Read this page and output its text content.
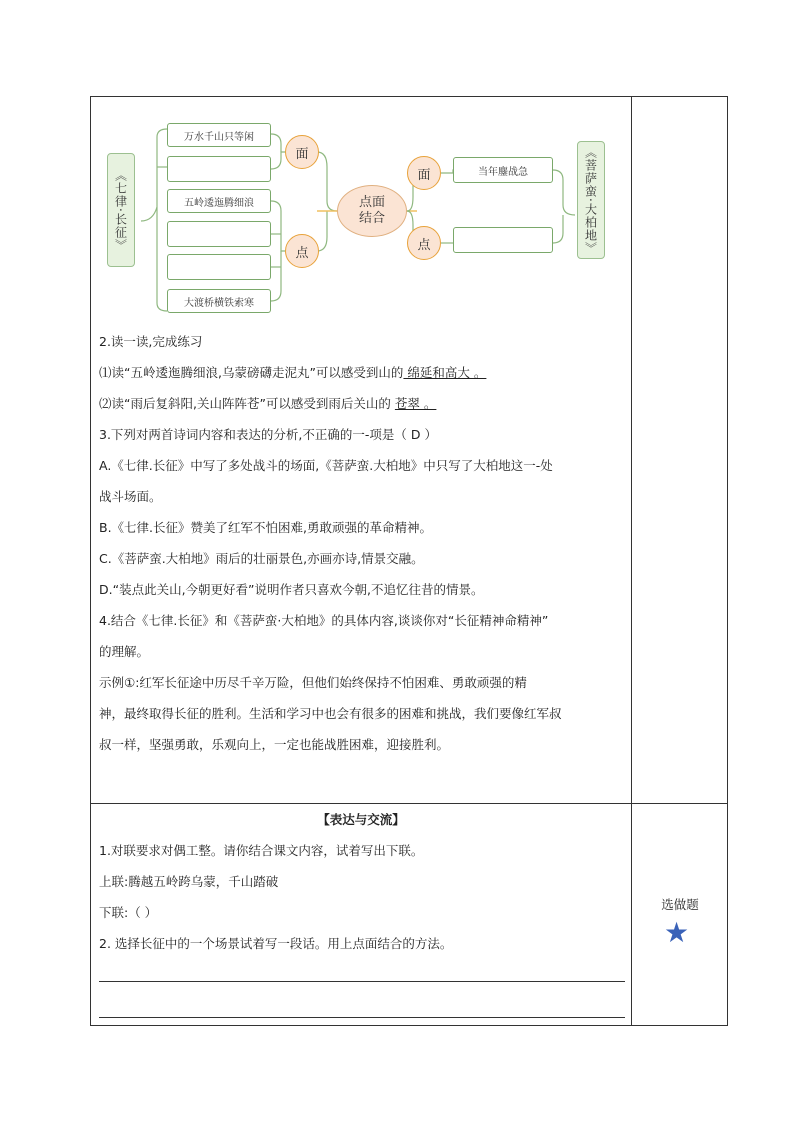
《七律·长征》
万水千山只等闲
五岭逶迤腾细浪
大渡桥横铁索寒
面
点
点面结合
面
点
当年鏖战急	《菩萨蛮·大柏地》
2.读一读,完成练习
⑴读“五岭逶迤腾细浪,乌蒙磅礴走泥丸”可以感受到山的 绵延和高大 。
⑵读“雨后复斜阳,关山阵阵苍”可以感受到雨后关山的 苍翠 。
3.下列对两首诗词内容和表达的分析,不正确的一-项是（ D ）
A.《七律.长征》中写了多处战斗的场面,《菩萨蛮.大柏地》中只写了大柏地这一-处
战斗场面。
B.《七律.长征》赞美了红军不怕困难,勇敢顽强的革命精神。
C.《菩萨蛮.大柏地》雨后的壮丽景色,亦画亦诗,情景交融。
D.“装点此关山,今朝更好看”说明作者只喜欢今朝,不追忆往昔的情景。
4.结合《七律.长征》和《菩萨蛮·大柏地》的具体内容,谈谈你对“长征精神命精神”
的理解。
示例①:红军长征途中历尽千辛万险，但他们始终保持不怕困难、勇敢顽强的精
神，最终取得长征的胜利。生活和学习中也会有很多的困难和挑战，我们要像红军叔
叔一样，坚强勇敢，乐观向上，一定也能战胜困难，迎接胜利。
【表达与交流】
1.对联要求对偶工整。请你结合课文内容，试着写出下联。
上联:腾越五岭跨乌蒙，千山踏破
下联:（ ）
2. 选择长征中的一个场景试着写一段话。用上点面结合的方法。
选做题
★
